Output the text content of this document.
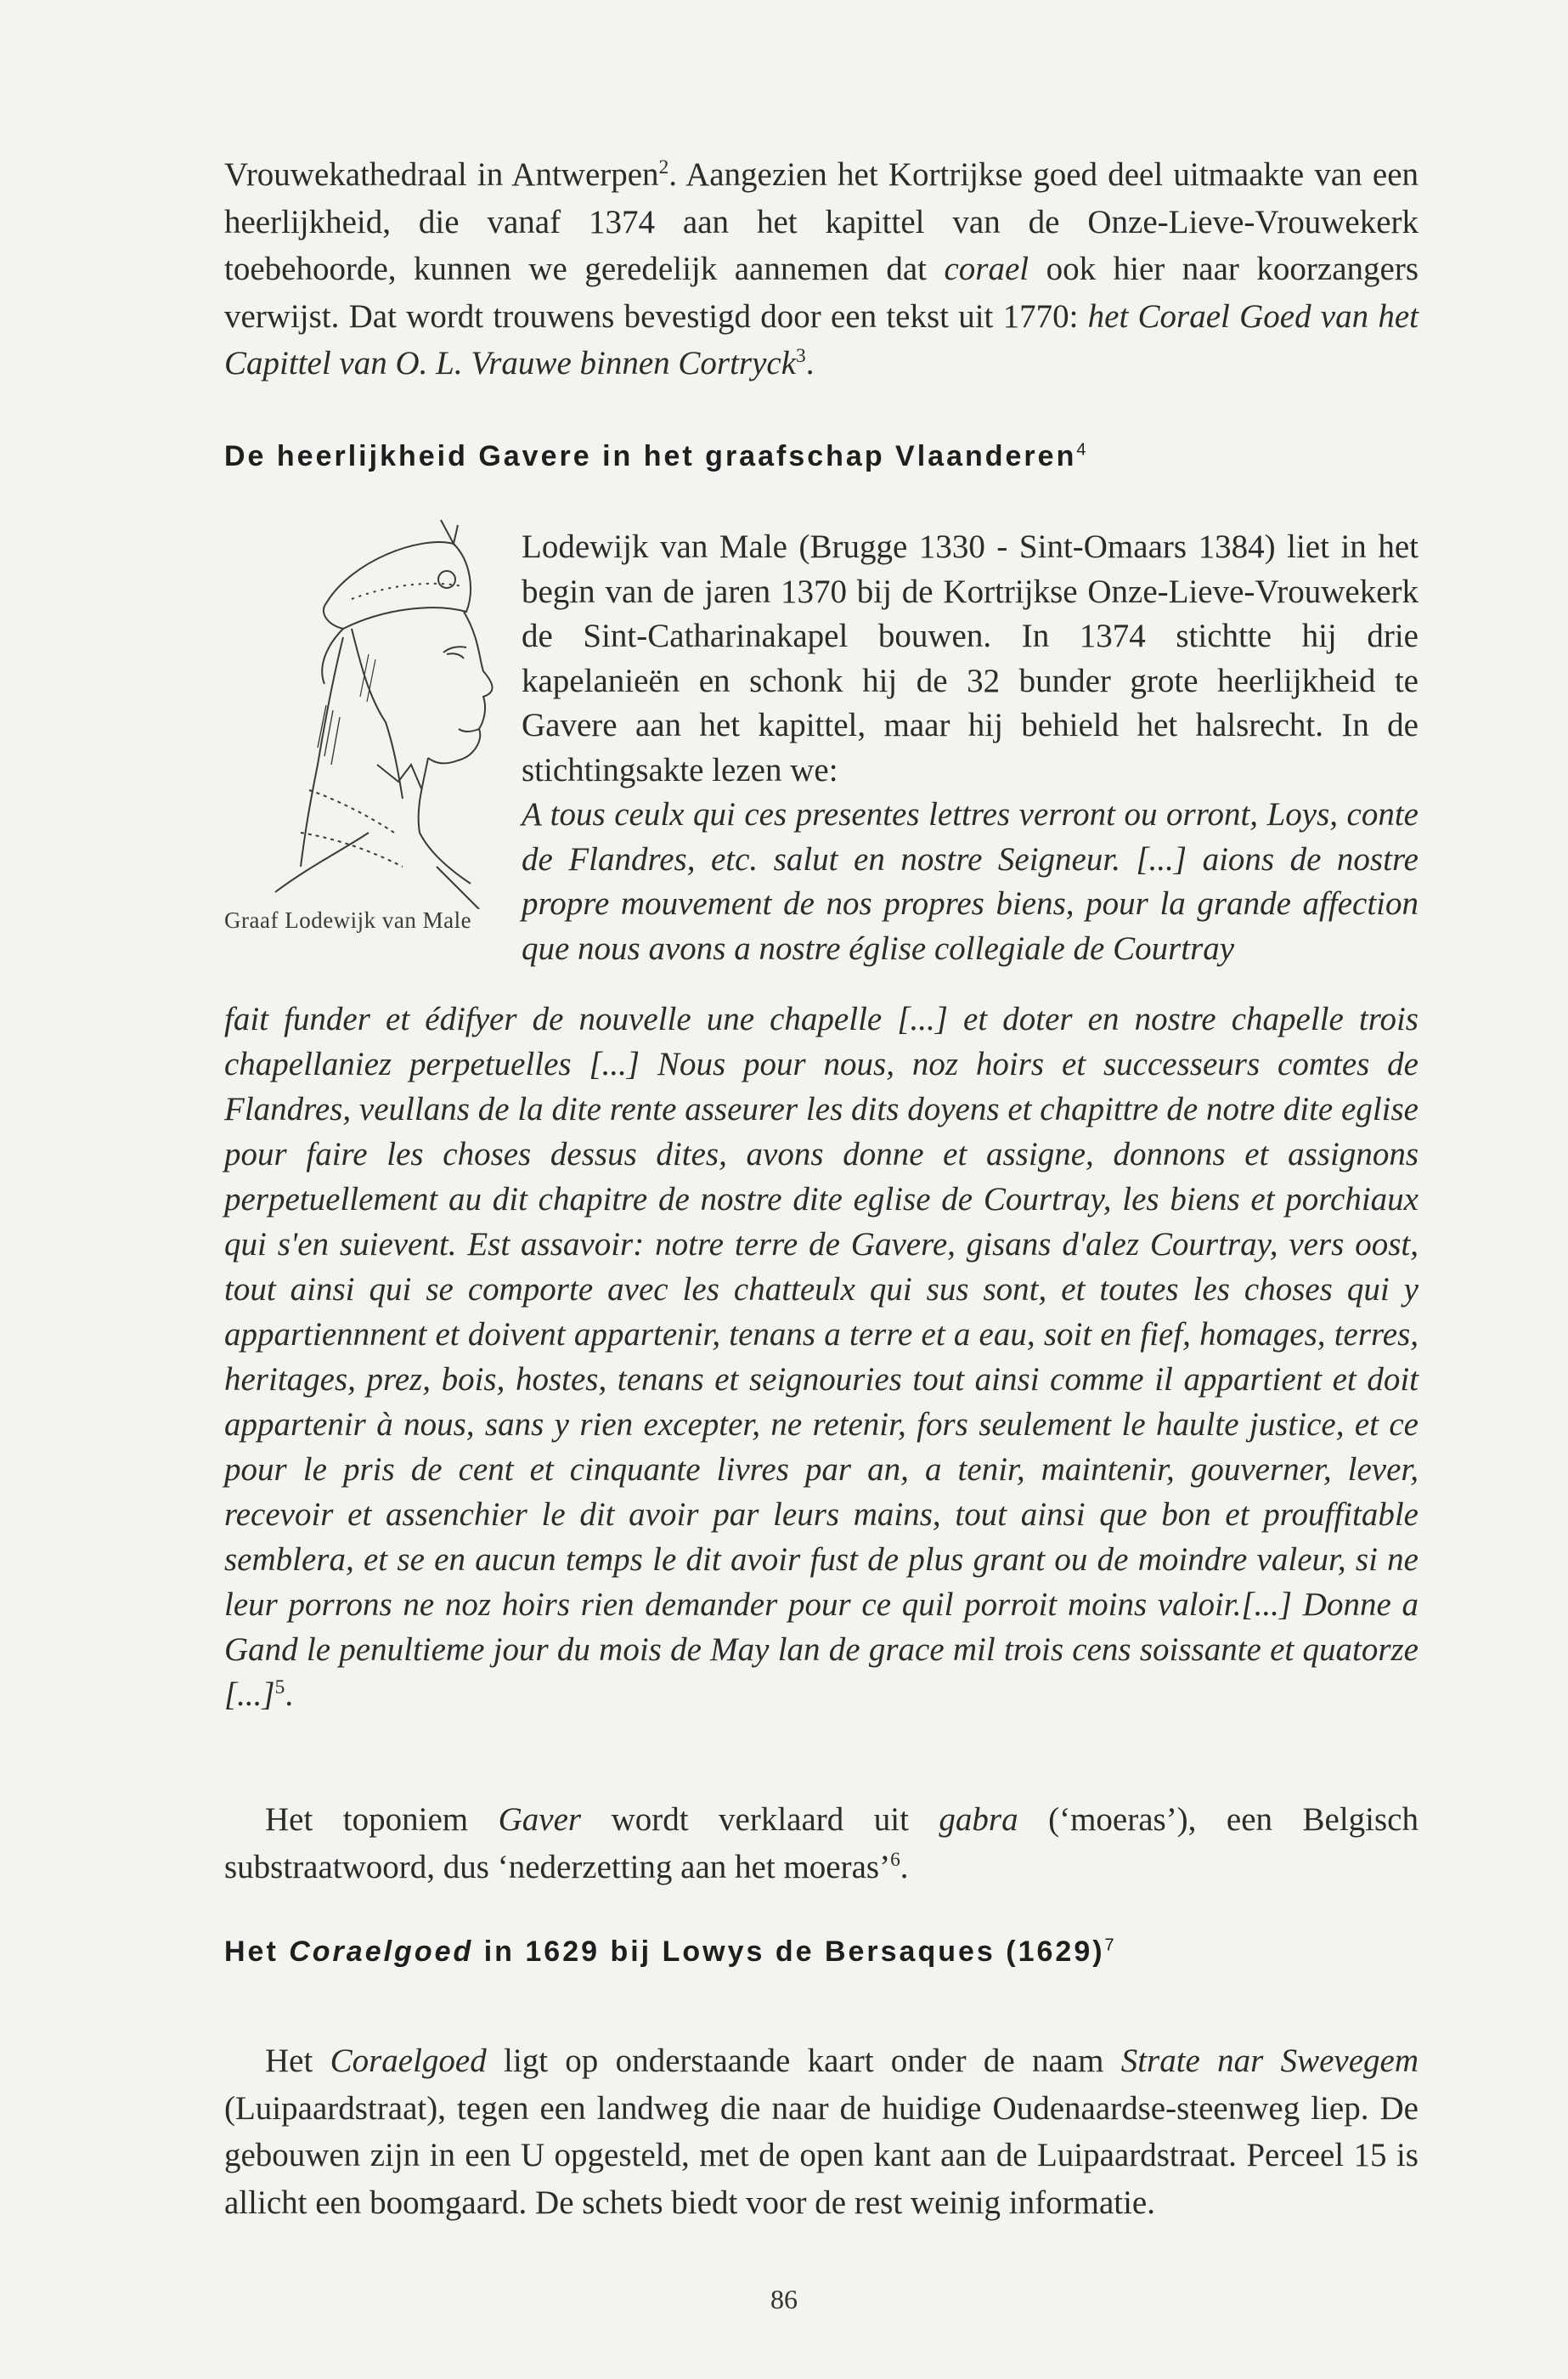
Vrouwekathedraal in Antwerpen$^2$. Aangezien het Kortrijkse goed deel uitmaakte van een heerlijkheid, die vanaf 1374 aan het kapittel van de Onze-Lieve-Vrouwekerk toebehoorde, kunnen we geredelijk aannemen dat corael ook hier naar koorzangers verwijst. Dat wordt trouwens bevestigd door een tekst uit 1770: het Corael Goed van het Capittel van O. L. Vrauwe binnen Cortryck$^3$.

De heerlijkheid Gavere in het graafschap Vlaanderen$^4$
Graaf Lodewijk van Male

Lodewijk van Male (Brugge 1330 - Sint-Omaars 1384) liet in het begin van de jaren 1370 bij de Kortrijkse Onze-Lieve-Vrouwekerk de Sint-Catharinakapel bouwen. In 1374 stichtte hij drie kapelanieën en schonk hij de 32 bunder grote heerlijkheid te Gavere aan het kapittel, maar hij behield het halsrecht. In de stichtingsakte lezen we:

A tous ceulx qui ces presentes lettres verront ou orront, Loys, conte de Flandres, etc. salut en nostre Seigneur. [...] aions de nostre propre mouvement de nos propres biens, pour la grande affection que nous avons a nostre église collegiale de Courtray

fait funder et édifyer de nouvelle une chapelle [...] et doter en nostre chapelle trois chapellaniez perpetuelles [...] Nous pour nous, noz hoirs et successeurs comtes de Flandres, veullans de la dite rente asseurer les dits doyens et chapittre de notre dite eglise pour faire les choses dessus dites, avons donne et assigne, donnons et assignons perpetuellement au dit chapitre de nostre dite eglise de Courtray, les biens et porchiaux qui s'en suievent. Est assavoir: notre terre de Gavere, gisans d'alez Courtray, vers oost, tout ainsi qui se comporte avec les chatteulx qui sus sont, et toutes les choses qui y appartiennnent et doivent appartenir, tenans a terre et a eau, soit en fief, homages, terres, heritages, prez, bois, hostes, tenans et seignouries tout ainsi comme il appartient et doit appartenir à nous, sans y rien excepter, ne retenir, fors seulement le haulte justice, et ce pour le pris de cent et cinquante livres par an, a tenir, maintenir, gouverner, lever, recevoir et assenchier le dit avoir par leurs mains, tout ainsi que bon et prouffitable semblera, et se en aucun temps le dit avoir fust de plus grant ou de moindre valeur, si ne leur porrons ne noz hoirs rien demander pour ce quil porroit moins valoir.[...] Donne a Gand le penultieme jour du mois de May lan de grace mil trois cens soissante et quatorze [...]$^5$.

Het toponiem Gaver wordt verklaard uit gabra (‘moeras’), een Belgisch substraatwoord, dus ‘nederzetting aan het moeras’$^6$.

Het Coraelgoed in 1629 bij Lowys de Bersaques $(1629)^7$

Het Coraelgoed ligt op onderstaande kaart onder de naam Strate nar Swevegem (Luipaardstraat), tegen een landweg die naar de huidige Oudenaardse-steenweg liep. De gebouwen zijn in een U opgesteld, met de open kant aan de Luipaardstraat. Perceel 15 is allicht een boomgaard. De schets biedt voor de rest weinig informatie.

86
